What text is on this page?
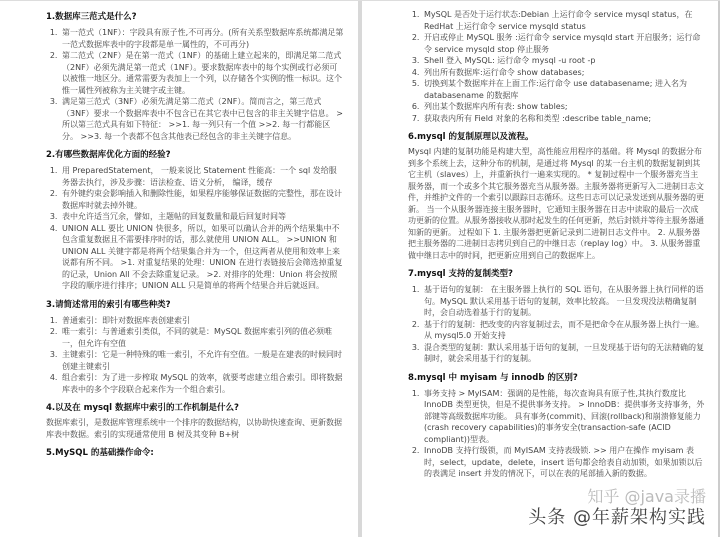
1.数据库三范式是什么?
1. 第一范式（1NF）：字段具有原子性,不可再分。(所有关系型数据库系统都满足第一范式数据库表中的字段都是单一属性的，不可再分)
2. 第二范式（2NF）是在第一范式（1NF）的基础上建立起来的，即满足第二范式（2NF）必须先满足第一范式（1NF）。要求数据库表中的每个实例或行必须可以被惟一地区分。通常需要为表加上一个列，以存储各个实例的惟一标识。这个惟一属性列被称为主关键字或主键。
3. 满足第三范式（3NF）必须先满足第二范式（2NF）。简而言之，第三范式（3NF）要求一个数据库表中不包含已在其它表中已包含的非主关键字信息。 >所以第三范式具有如下特征： >>1. 每一列只有一个值 >>2. 每一行都能区分。 >>3. 每一个表都不包含其他表已经包含的非主关键字信息。
2.有哪些数据库优化方面的经验?
1. 用 PreparedStatement， 一般来说比 Statement 性能高：一个 sql 发给服务器去执行，涉及步骤：语法检查、语义分析， 编译，缓存
2. 有外键约束会影响插入和删除性能，如果程序能够保证数据的完整性，那在设计数据库时就去掉外键。
3. 表中允许适当冗余，譬如，主题帖的回复数量和最后回复时间等
4. UNION ALL 要比 UNION 快很多，所以，如果可以确认合并的两个结果集中不包含重复数据且不需要排序时的话，那么就使用 UNION ALL。 >>UNION 和 UNION ALL 关键字都是将两个结果集合并为一个，但这两者从使用和效率上来说都有所不同。 >1. 对重复结果的处理：UNION 在进行表链接后会筛选掉重复的记录，Union All 不会去除重复记录。 >2. 对排序的处理：Union 将会按照字段的顺序进行排序；UNION ALL 只是简单的将两个结果合并后就返回。
3.请简述常用的索引有哪些种类?
1. 普通索引：即针对数据库表创建索引
2. 唯一索引：与普通索引类似，不同的就是：MySQL 数据库索引列的值必须唯一，但允许有空值
3. 主键索引：它是一种特殊的唯一索引，不允许有空值。一般是在建表的时候同时创建主键索引
4. 组合索引：为了进一步榨取 MySQL 的效率，就要考虑建立组合索引。即将数据库表中的多个字段联合起来作为一个组合索引。
4.以及在 mysql 数据库中索引的工作机制是什么?

数据库索引，是数据库管理系统中一个排序的数据结构，以协助快速查询、更新数据库表中数据。索引的实现通常使用 B 树及其变种 B+树

5.MySQL 的基础操作命令:
1. MySQL 是否处于运行状态:Debian 上运行命令 service mysql status，在 RedHat 上运行命令 service mysqld status
2. 开启或停止 MySQL 服务 :运行命令 service mysqld start 开启服务；运行命令 service mysqld stop 停止服务
3. Shell 登入 MySQL: 运行命令 mysql -u root -p
4. 列出所有数据库:运行命令 show databases;
5. 切换到某个数据库并在上面工作:运行命令 use databasename; 进入名为 databasename 的数据库
6. 列出某个数据库内所有表: show tables;
7. 获取表内所有 Field 对象的名称和类型 :describe table_name;
6.mysql 的复制原理以及流程。

Mysql 内建的复制功能是构建大型，高性能应用程序的基础。将 Mysql 的数据分布到多个系统上去，这种分布的机制，是通过将 Mysql 的某一台主机的数据复制到其它主机（slaves）上，并重新执行一遍来实现的。 * 复制过程中一个服务器充当主服务器，而一个或多个其它服务器充当从服务器。主服务器将更新写入二进制日志文件，并维护文件的一个索引以跟踪日志循环。这些日志可以记录发送到从服务器的更新。 当一个从服务器连接主服务器时，它通知主服务器在日志中读取的最后一次成功更新的位置。从服务器接收从那时起发生的任何更新，然后封锁并等待主服务器通知新的更新。 过程如下 1. 主服务器把更新记录到二进制日志文件中。 2. 从服务器把主服务器的二进制日志拷贝到自己的中继日志（replay log）中。 3. 从服务器重做中继日志中的时间，把更新应用到自己的数据库上。

7.mysql 支持的复制类型?
1. 基于语句的复制： 在主服务器上执行的 SQL 语句，在从服务器上执行同样的语句。MySQL 默认采用基于语句的复制，效率比较高。 一旦发现没法精确复制时，会自动选着基于行的复制。
2. 基于行的复制：把改变的内容复制过去，而不是把命令在从服务器上执行一遍。从 mysql5.0 开始支持
3. 混合类型的复制：默认采用基于语句的复制，一旦发现基于语句的无法精确的复制时，就会采用基于行的复制。
8.mysql 中 myisam 与 innodb 的区别?
1. 事务支持 > MyISAM：强调的是性能，每次查询具有原子性,其执行数度比 InnoDB 类型更快，但是不提供事务支持。 > InnoDB：提供事务支持事务，外部键等高级数据库功能。 具有事务(commit)、回滚(rollback)和崩溃修复能力(crash recovery capabilities)的事务安全(transaction-safe (ACID compliant))型表。
2. InnoDB 支持行级锁，而 MyISAM 支持表级锁. >> 用户在操作 myisam 表时，select，update，delete，insert 语句都会给表自动加锁，如果加锁以后的表满足 insert 并发的情况下，可以在表的尾部插入新的数据。
知乎 @java录播
头条 @年薪架构实践
